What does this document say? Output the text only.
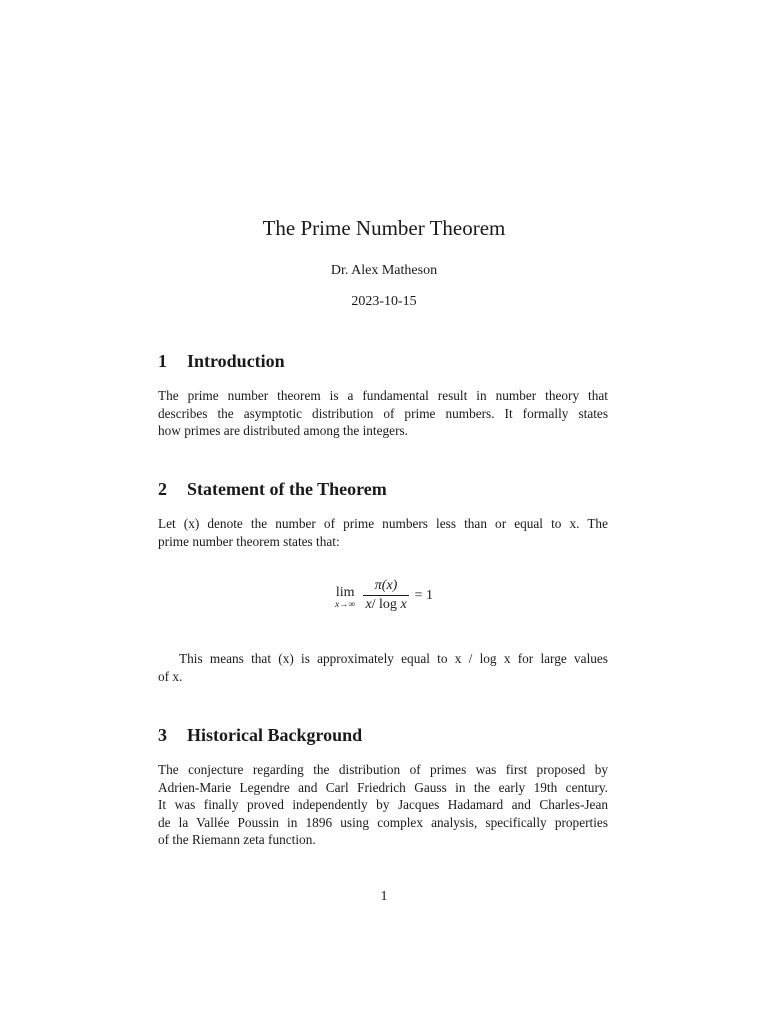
The Prime Number Theorem
Dr. Alex Matheson
2023-10-15
1 Introduction
The prime number theorem is a fundamental result in number theory that
describes the asymptotic distribution of prime numbers. It formally states
how primes are distributed among the integers.
2 Statement of the Theorem
Let (x) denote the number of prime numbers less than or equal to x. The
prime number theorem states that:
lim
$x\to\infty \frac{\pi(x)}{\text{x/ log x}} = 1$
This means that (x) is approximately equal to x / log x for large values
of x.
3 Historical Background
The conjecture regarding the distribution of primes was first proposed by
Adrien-Marie Legendre and Carl Friedrich Gauss in the early 19th century.
It was finally proved independently by Jacques Hadamard and Charles-Jean
de la Vallée Poussin in 1896 using complex analysis, specifically properties
of the Riemann zeta function.
1
